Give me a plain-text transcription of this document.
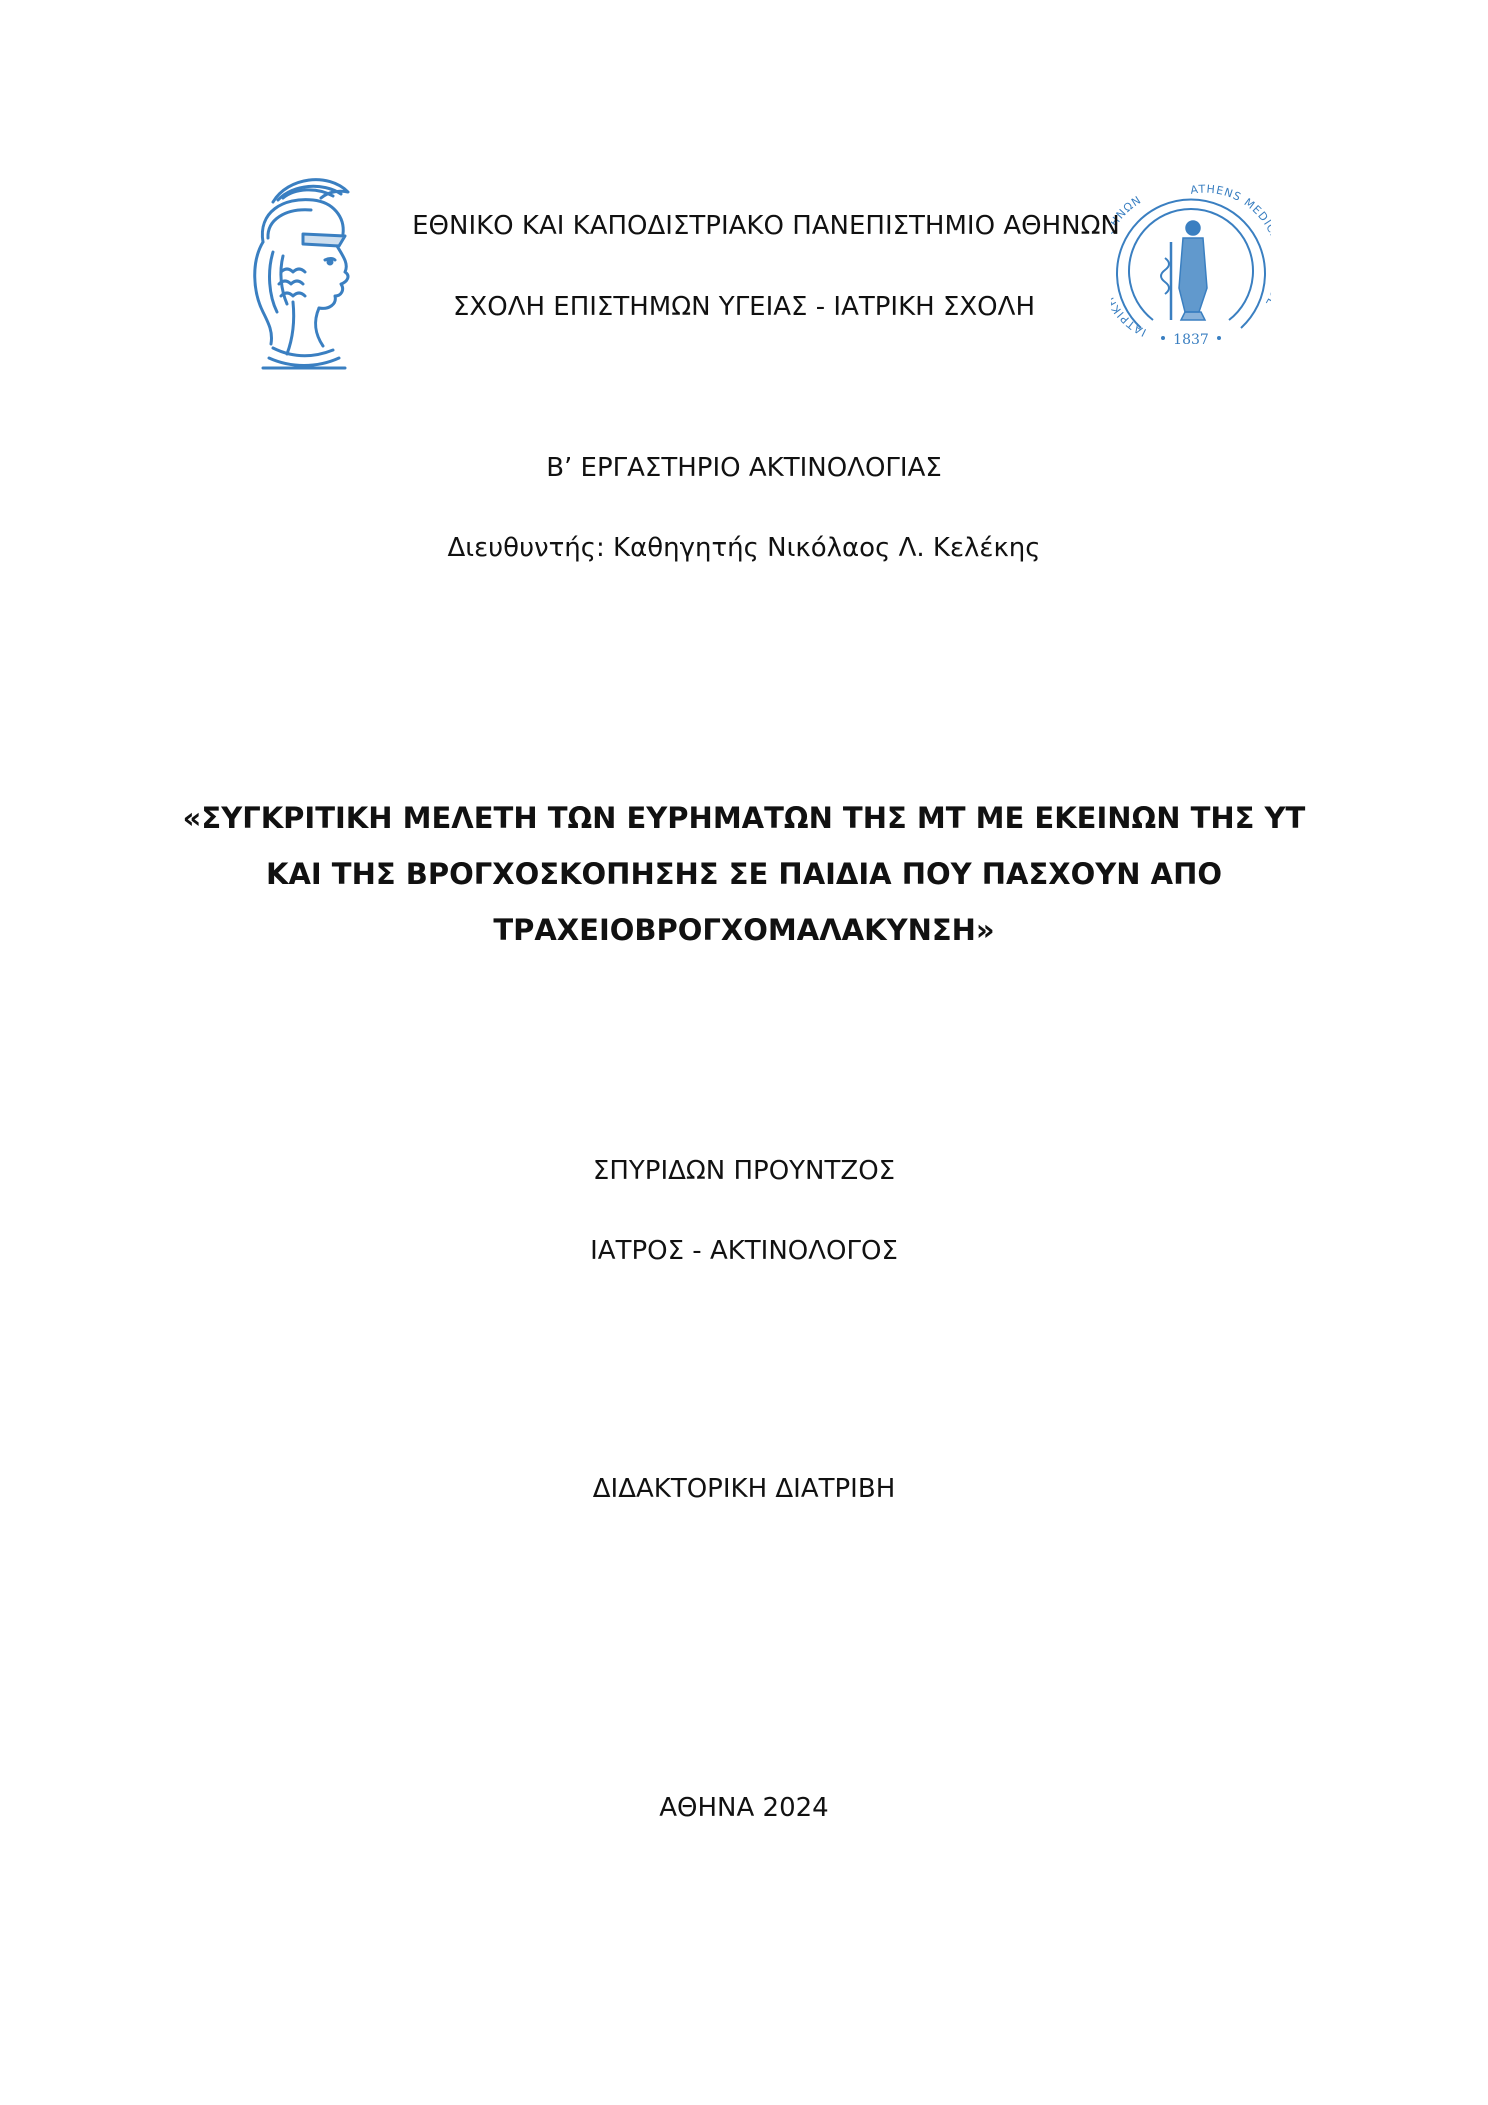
ΙΑΤΡΙ ΝΩΝ
ATHENS MED
1837

ΕΘΝΙΚΟ ΚΑΙ ΚΑΠΟΔΙΣΤΡΙΑΚΟ ΠΑΝΕΠΙΣΤΗΜΙΟ ΑΘΗΝΩΝ

ΣΧΟΛΗ ΕΠΙΣΤΗΜΩΝ ΥΓΕΙΑΣ - ΙΑΤΡΙΚΗ ΣΧΟΛΗ

Β’ ΕΡΓΑΣΤΗΡΙΟ ΑΚΤΙΝΟΛΟΓΙΑΣ

Διευθυντής: Καθηγητής Νικόλαος Λ. Κελέκης

«ΣΥΓΚΡΙΤΙΚΗ ΜΕΛΕΤΗ ΤΩΝ ΕΥΡΗΜΑΤΩΝ ΤΗΣ ΜΤ ΜΕ ΕΚΕΙΝΩΝ ΤΗΣ ΥΤ

ΚΑΙ ΤΗΣ ΒΡΟΓΧΟΣΚΟΠΗΣΗΣ ΣΕ ΠΑΙΔΙΑ ΠΟΥ ΠΑΣΧΟΥΝ ΑΠΟ

ΤΡΑΧΕΙΟΒΡΟΓΧΟΜΑΛΑΚΥΝΣΗ»

ΣΠΥΡΙΔΩΝ ΠΡΟΥΝΤΖΟΣ

ΙΑΤΡΟΣ - ΑΚΤΙΝΟΛΟΓΟΣ

ΔΙΔΑΚΤΟΡΙΚΗ ΔΙΑΤΡΙΒΗ

ΑΘΗΝΑ 2024
